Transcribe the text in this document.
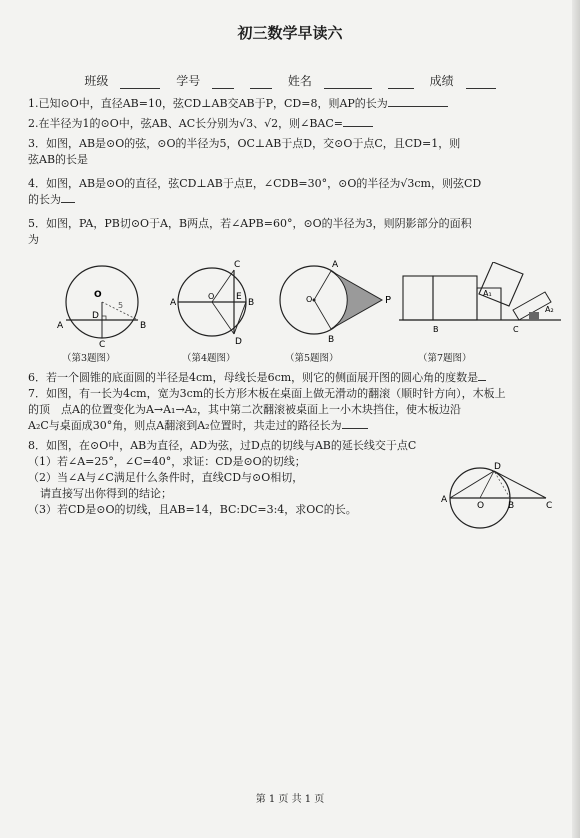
初三数学早读六
班级	学号	姓名	成绩
1.已知⊙O中，直径AB=10，弦CD⊥AB交AB于P，CD=8，则AP的长为
2.在半径为1的⊙O中，弦AB、AC长分别为√3、√2，则∠BAC=
3．如图，AB是⊙O的弦，⊙O的半径为5，OC⊥AB于点D，交⊙O于点C，且CD=1，则
弦AB的长是
4．如图，AB是⊙O的直径，弦CD⊥AB于点E，∠CDB=30°，⊙O的半径为√3cm，则弦CD
的长为
5．如图，PA，PB切⊙O于A，B两点，若∠APB=60°，⊙O的半径为3，则阴影部分的面积
为
O
A	B
C
D
5
（第3题图）
A	B
C
D
E
O
（第4题图）
A
B
P
O
（第5题图）
A₁
A₂
B	C
（第7题图）
6．若一个圆锥的底面圆的半径是4cm，母线长是6cm，则它的侧面展开图的圆心角的度数是
7．如图，有一长为4cm，宽为3cm的长方形木板在桌面上做无滑动的翻滚（顺时针方向），木板上
的顶　点A的位置变化为A→A₁→A₂，其中第二次翻滚被桌面上一小木块挡住，使木板边沿
A₂C与桌面成30°角，则点A翻滚到A₂位置时，共走过的路径长为
8．如图，在⊙O中，AB为直径，AD为弦，过D点的切线与AB的延长线交于点C
（1）若∠A=25°，∠C=40°，求证：CD是⊙O的切线；
（2）当∠A与∠C满足什么条件时，直线CD与⊙O相切，
请直接写出你得到的结论；
（3）若CD是⊙O的切线，且AB=14，BC:DC=3:4，求OC的长。
A
B	C
D
O
第 1 页 共 1 页
